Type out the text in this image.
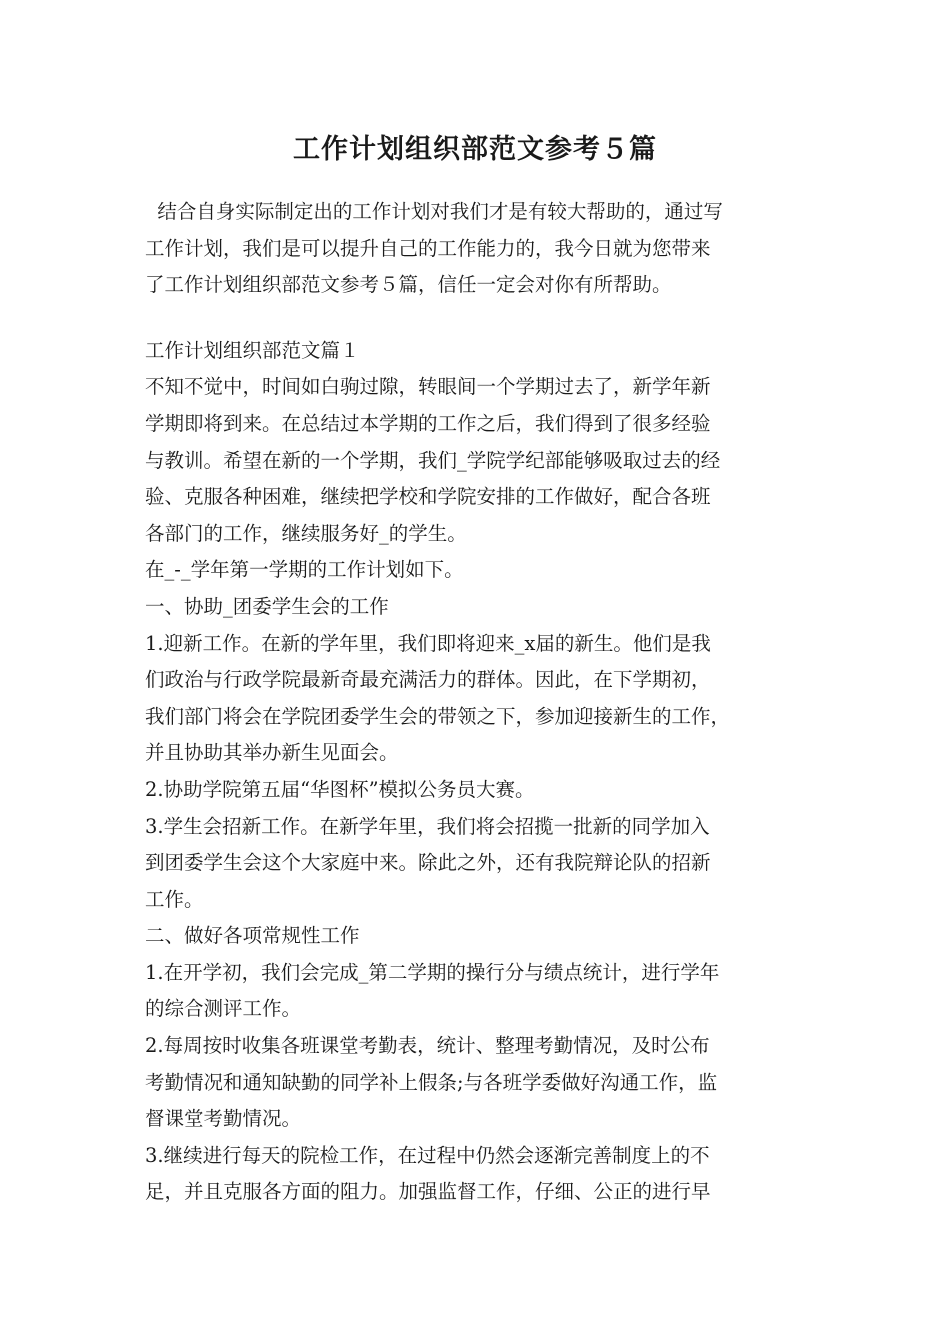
工作计划组织部范文参考５篇
结合自身实际制定出的工作计划对我们才是有较大帮助的，通过写
工作计划，我们是可以提升自己的工作能力的，我今日就为您带来
了工作计划组织部范文参考５篇，信任一定会对你有所帮助。
工作计划组织部范文篇１
不知不觉中，时间如白驹过隙，转眼间一个学期过去了，新学年新
学期即将到来。在总结过本学期的工作之后，我们得到了很多经验
与教训。希望在新的一个学期，我们_学院学纪部能够吸取过去的经
验、克服各种困难，继续把学校和学院安排的工作做好，配合各班
各部门的工作，继续服务好_的学生。
在_-_学年第一学期的工作计划如下。
一、协助_团委学生会的工作
1.迎新工作。在新的学年里，我们即将迎来_x届的新生。他们是我
们政治与行政学院最新奇最充满活力的群体。因此，在下学期初，
我们部门将会在学院团委学生会的带领之下，参加迎接新生的工作，
并且协助其举办新生见面会。
2.协助学院第五届“华图杯”模拟公务员大赛。
3.学生会招新工作。在新学年里，我们将会招揽一批新的同学加入
到团委学生会这个大家庭中来。除此之外，还有我院辩论队的招新
工作。
二、做好各项常规性工作
1.在开学初，我们会完成_第二学期的操行分与绩点统计，进行学年
的综合测评工作。
2.每周按时收集各班课堂考勤表，统计、整理考勤情况，及时公布
考勤情况和通知缺勤的同学补上假条;与各班学委做好沟通工作，监
督课堂考勤情况。
3.继续进行每天的院检工作，在过程中仍然会逐渐完善制度上的不
足，并且克服各方面的阻力。加强监督工作，仔细、公正的进行早
